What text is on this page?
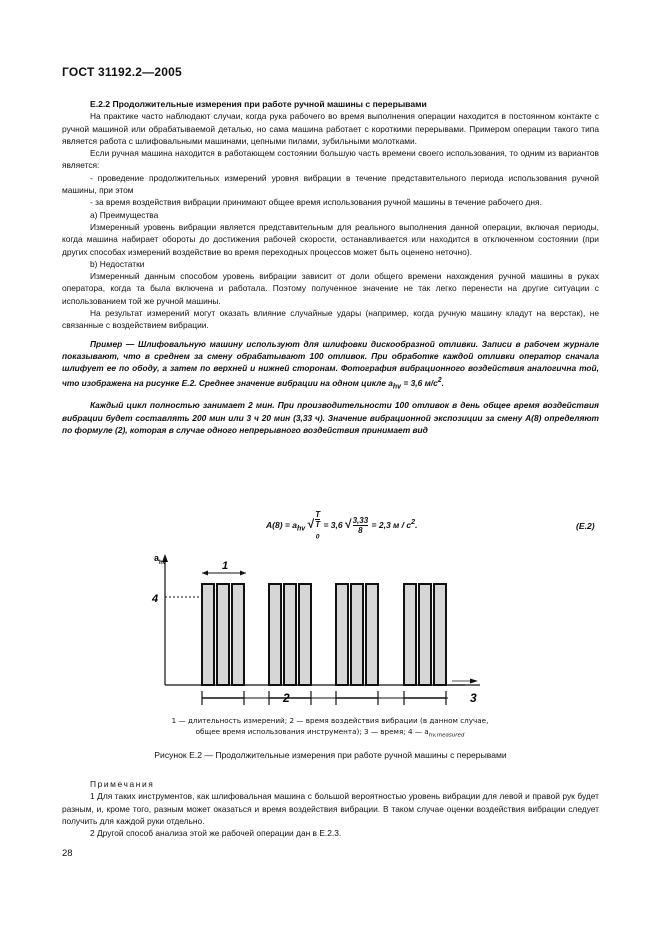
ГОСТ 31192.2—2005
Е.2.2 Продолжительные измерения при работе ручной машины с перерывами

На практике часто наблюдают случаи, когда рука рабочего во время выполнения операции находится в постоянном контакте с ручной машиной или обрабатываемой деталью, но сама машина работает с короткими перерывами. Примером операции такого типа является работа с шлифовальными машинами, цепными пилами, зубильными молотками.

Если ручная машина находится в работающем состоянии большую часть времени своего использования, то одним из вариантов является:

- проведение продолжительных измерений уровня вибрации в течение представительного периода использования ручной машины, при этом

- за время воздействия вибрации принимают общее время использования ручной машины в течение рабочего дня.

a) Преимущества

Измеренный уровень вибрации является представительным для реального выполнения данной операции, включая периоды, когда машина набирает обороты до достижения рабочей скорости, останавливается или находится в отключенном состоянии (при других способах измерений воздействие во время переходных процессов может быть оценено неточно).

b) Недостатки

Измеренный данным способом уровень вибрации зависит от доли общего времени нахождения ручной машины в руках оператора, когда та была включена и работала. Поэтому полученное значение не так легко перенести на другие ситуации с использованием той же ручной машины.

На результат измерений могут оказать влияние случайные удары (например, когда ручную машину кладут на верстак), не связанные с воздействием вибрации.

Пример — Шлифовальную машину используют для шлифовки дискообразной отливки. Записи в рабочем журнале показывают, что в среднем за смену обрабатывают 100 отливок. При обработке каждой отливки оператор сначала шлифует ее по ободу, а затем по верхней и нижней сторонам. Фотография вибрационного воздействия аналогична той, что изображена на рисунке Е.2. Среднее значение вибрации на одном цикле $a_{hv} = 3,6$ $м/с^2$.

Каждый цикл полностью занимает 2 мин. При производительности 100 отливок в день общее время воздействия вибрации будет составлять 200 мин или 3 ч 20 мин (3,33 ч). Значение вибрационной экспозиции за смену A(8) определяют по формуле (2), которая в случае одного непрерывного воздействия принимает вид

$A(8) = a_{hv}$ √ T
T
$_0$ = 3,6 √ $\frac{3,33}{8} = 2,3$ м / $с^2$.	(E.2)
$a_{hv}$
4
1
2	3
1 — длительность измерений; 2 — время воздействия вибрации (в данном случае,
общее время использования инструмента); 3 — время; 4 — $a_{hv,measured}$
Рисунок Е.2 — Продолжительные измерения при работе ручной машины с перерывами

Примечания

1 Для таких инструментов, как шлифовальная машина с большой вероятностью уровень вибрации для левой и правой рук будет разным, и, кроме того, разным может оказаться и время воздействия вибрации. В таком случае оценки воздействия вибрации следует получить для каждой руки отдельно.

2 Другой способ анализа этой же рабочей операции дан в Е.2.3.

28
